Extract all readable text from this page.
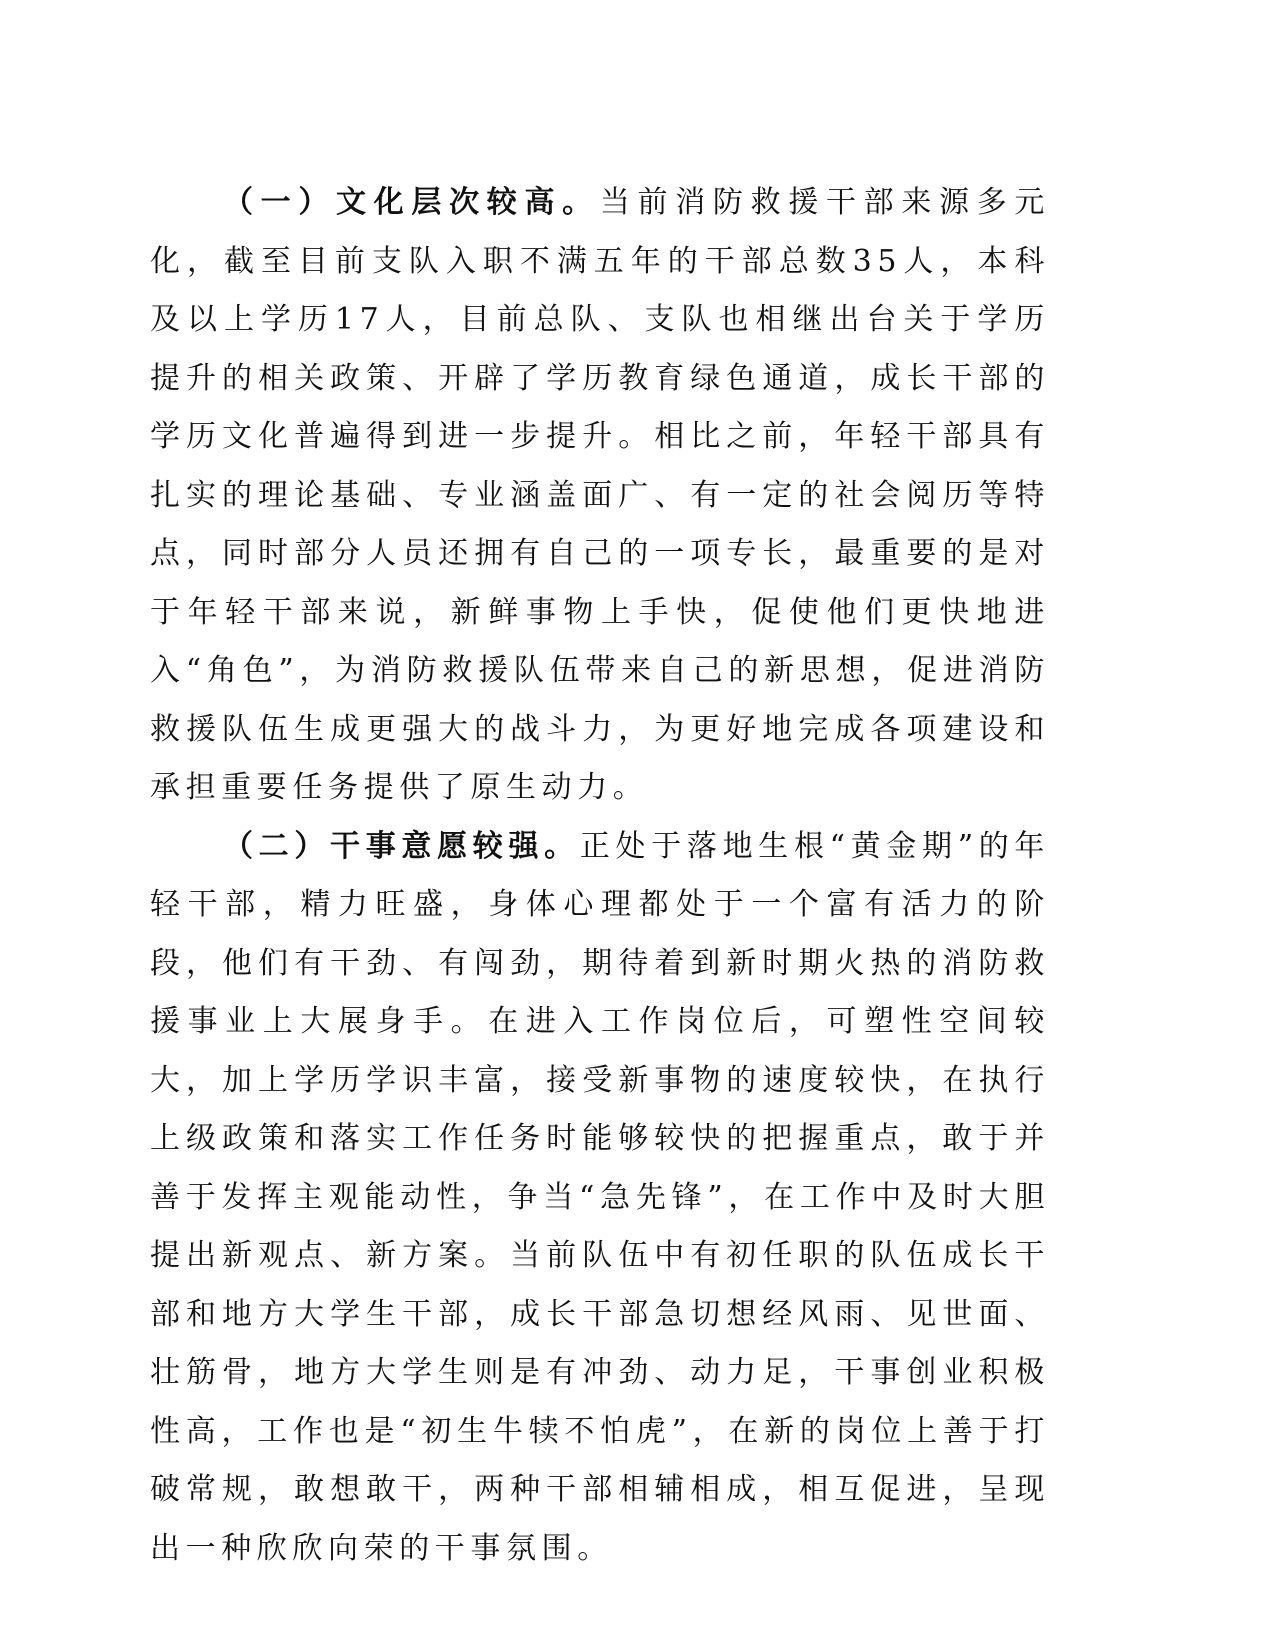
（一）文化层次较高。当前消防救援干部来源多元化，截至目前支队入职不满五年的干部总数35人，本科及以上学历17人，目前总队、支队也相继出台关于学历提升的相关政策、开辟了学历教育绿色通道，成长干部的学历文化普遍得到进一步提升。相比之前，年轻干部具有扎实的理论基础、专业涵盖面广、有一定的社会阅历等特点，同时部分人员还拥有自己的一项专长，最重要的是对于年轻干部来说，新鲜事物上手快，促使他们更快地进入“角色”，为消防救援队伍带来自己的新思想，促进消防救援队伍生成更强大的战斗力，为更好地完成各项建设和承担重要任务提供了原生动力。

（二）干事意愿较强。正处于落地生根“黄金期”的年轻干部，精力旺盛，身体心理都处于一个富有活力的阶段，他们有干劲、有闯劲，期待着到新时期火热的消防救援事业上大展身手。在进入工作岗位后，可塑性空间较大，加上学历学识丰富，接受新事物的速度较快，在执行上级政策和落实工作任务时能够较快的把握重点，敢于并善于发挥主观能动性，争当“急先锋”，在工作中及时大胆提出新观点、新方案。当前队伍中有初任职的队伍成长干部和地方大学生干部，成长干部急切想经风雨、见世面、壮筋骨，地方大学生则是有冲劲、动力足，干事创业积极性高，工作也是“初生牛犊不怕虎”，在新的岗位上善于打破常规，敢想敢干，两种干部相辅相成，相互促进，呈现出一种欣欣向荣的干事氛围。
